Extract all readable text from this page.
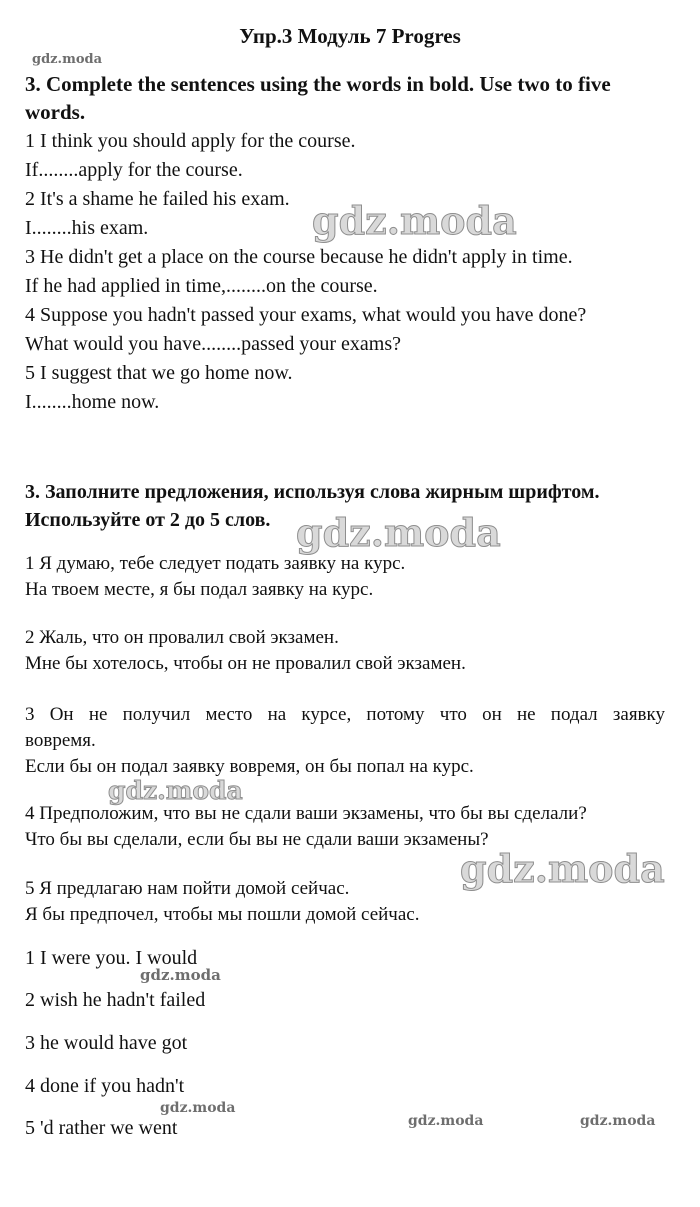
Упр.3 Модуль 7 Progres
gdz.moda
3. Complete the sentences using the words in bold. Use two to five
words.
1 I think you should apply for the course.
If........apply for the course.
2 It's a shame he failed his exam.
I........his exam.
3 He didn't get a place on the course because he didn't apply in time.
If he had applied in time,........on the course.
4 Suppose you hadn't passed your exams, what would you have done?
What would you have........passed your exams?
5 I suggest that we go home now.
I........home now.
gdz.moda
3. Заполните предложения, используя слова жирным шрифтом.
Используйте от 2 до 5 слов. gdz.moda
1 Я думаю, тебе следует подать заявку на курс.
На твоем месте, я бы подал заявку на курс.
2 Жаль, что он провалил свой экзамен.
Мне бы хотелось, чтобы он не провалил свой экзамен.
3 Он не получил место на курсе, потому что он не подал заявку
вовремя.
Если бы он подал заявку вовремя, он бы попал на курс.
gdz.moda
4 Предположим, что вы не сдали ваши экзамены, что бы вы сделали?
Что бы вы сделали, если бы вы не сдали ваши экзамены?
gdz.moda
5 Я предлагаю нам пойти домой сейчас.
Я бы предпочел, чтобы мы пошли домой сейчас.
1 I were you. I would
gdz.moda
2 wish he hadn't failed
3 he would have got
4 done if you hadn't
gdz.moda
5 'd rather we went	gdz.moda	gdz.moda
